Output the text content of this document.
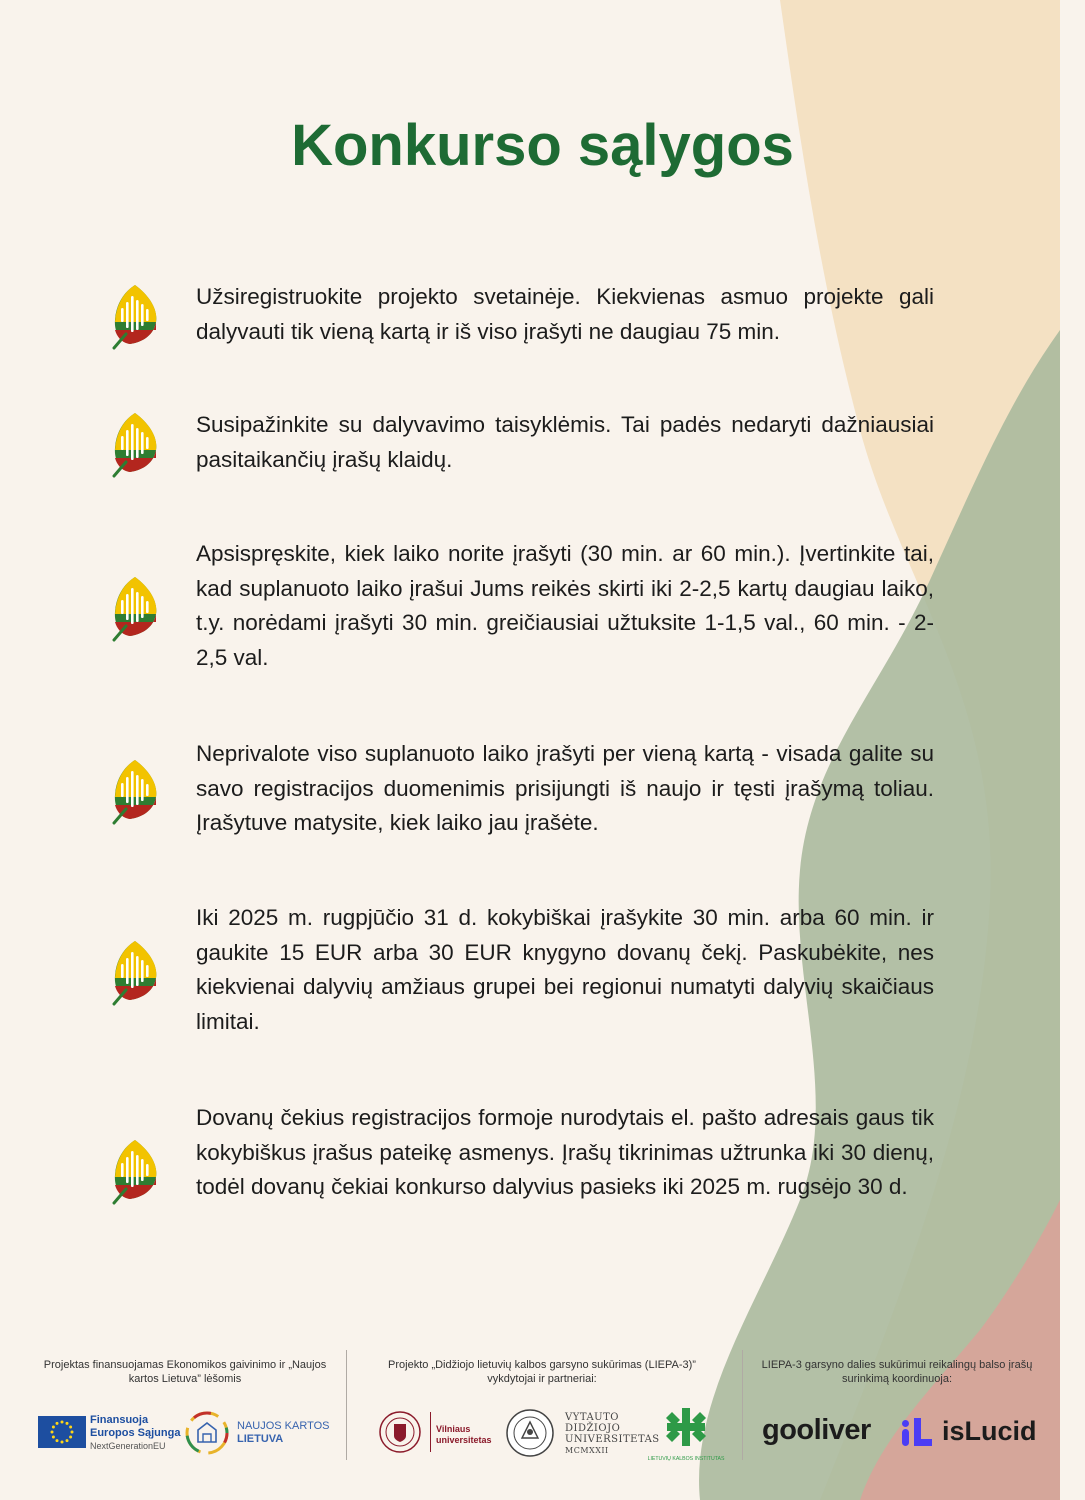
Konkurso sąlygos

Užsiregistruokite projekto svetainėje. Kiekvienas asmuo projekte gali dalyvauti tik vieną kartą ir iš viso įrašyti ne daugiau 75 min.

Susipažinkite su dalyvavimo taisyklėmis. Tai padės nedaryti dažniausiai pasitaikančių įrašų klaidų.

Apsispręskite, kiek laiko norite įrašyti (30 min. ar 60 min.). Įvertinkite tai, kad suplanuoto laiko įrašui Jums reikės skirti iki 2-2,5 kartų daugiau laiko, t.y. norėdami įrašyti 30 min. greičiausiai užtuksite 1-1,5 val., 60 min. - 2-2,5 val.

Neprivalote viso suplanuoto laiko įrašyti per vieną kartą - visada galite su savo registracijos duomenimis prisijungti iš naujo ir tęsti įrašymą toliau. Įrašytuve matysite, kiek laiko jau įrašėte.

Iki 2025 m. rugpjūčio 31 d. kokybiškai įrašykite 30 min. arba 60 min. ir gaukite 15 EUR arba 30 EUR knygyno dovanų čekį. Paskubėkite, nes kiekvienai dalyvių amžiaus grupei bei regionui numatyti dalyvių skaičiaus limitai.

Dovanų čekius registracijos formoje nurodytais el. pašto adresais gaus tik kokybiškus įrašus pateikę asmenys. Įrašų tikrinimas užtrunka iki 30 dienų, todėl dovanų čekiai konkurso dalyvius pasieks iki 2025 m. rugsėjo 30 d.

Projektas finansuojamas Ekonomikos gaivinimo ir „Naujos kartos Lietuva” lėšomis
Projekto „Didžiojo lietuvių kalbos garsyno sukūrimas (LIEPA-3)” vykdytojai ir partneriai:
LIEPA-3 garsyno dalies sukūrimui reikalingų balso įrašų surinkimą koordinuoja:
Finansuoja
Europos Sąjunga
NextGenerationEU
NAUJOS KARTOS
LIETUVA
Vilniaus
universitetas
VYTAUTO
DIDŽIOJO
UNIVERSITETAS
MCMXXII
LIETUVIŲ KALBOS INSTITUTAS
gooliver	isLucid
